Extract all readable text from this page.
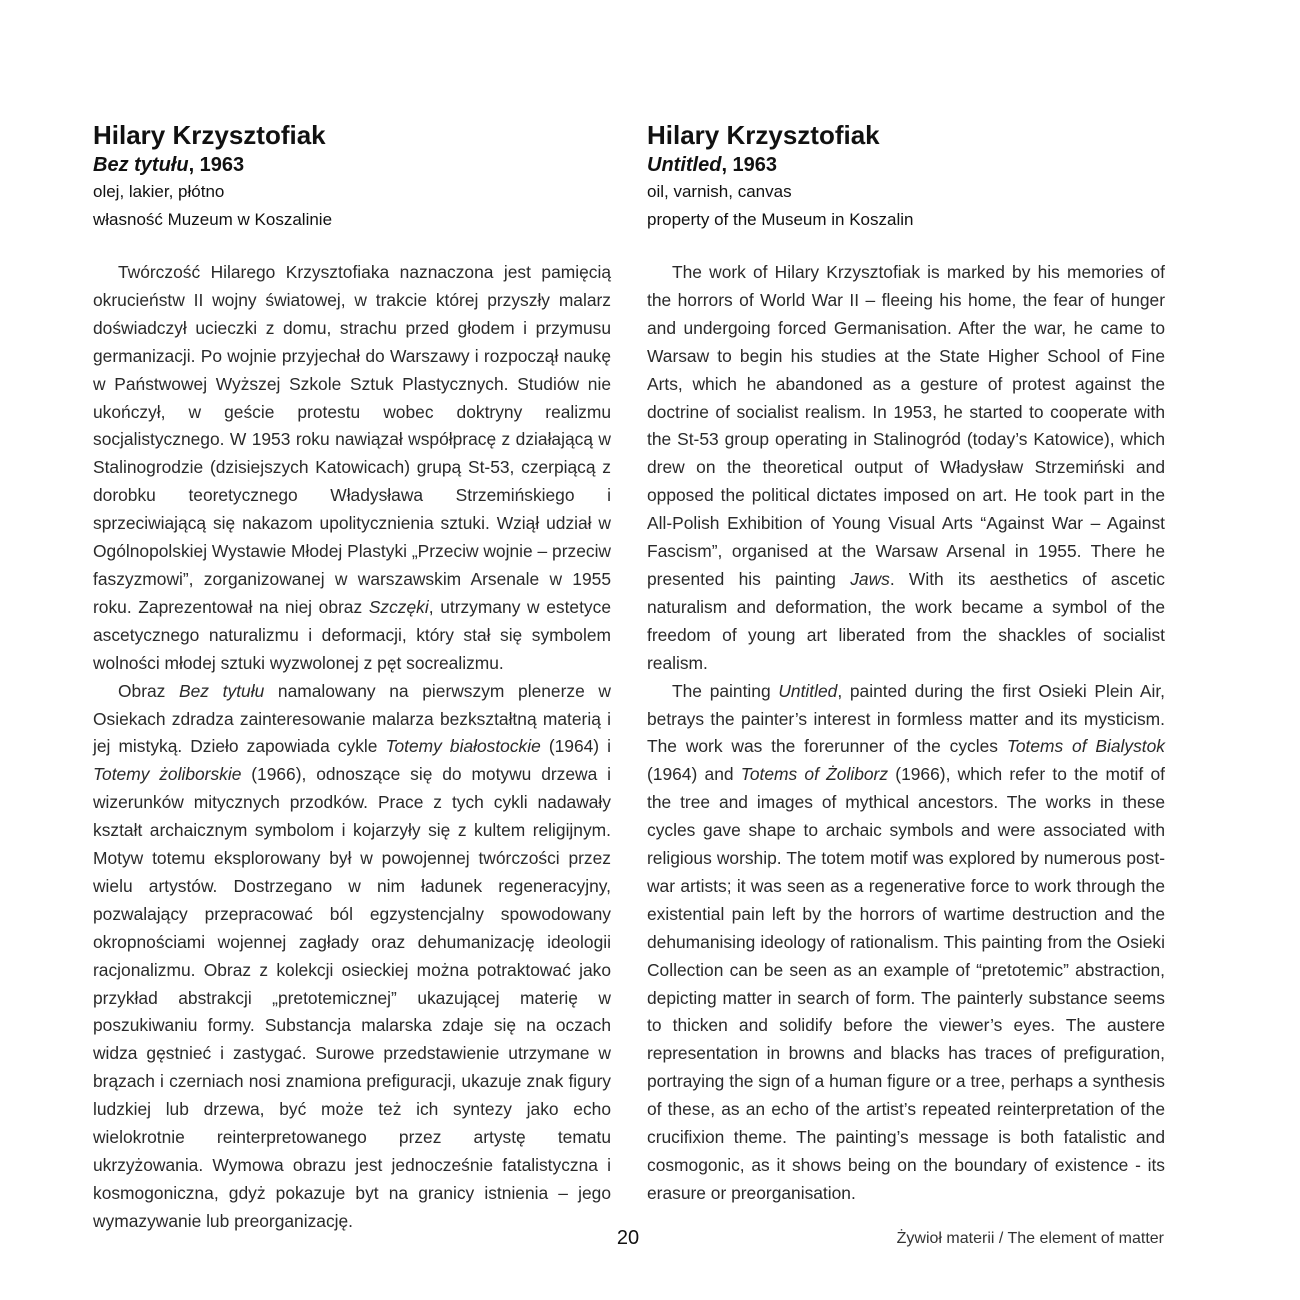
Hilary Krzysztofiak

Bez tytułu, 1963

olej, lakier, płótno

własność Muzeum w Koszalinie

Twórczość Hilarego Krzysztofiaka naznaczona jest pamięcią okrucieństw II wojny światowej, w trakcie której przyszły malarz doświadczył ucieczki z domu, strachu przed głodem i przymusu germanizacji. Po wojnie przyjechał do Warszawy i rozpoczął naukę w Państwowej Wyższej Szkole Sztuk Plastycznych. Studiów nie ukończył, w geście protestu wobec doktryny realizmu socjalistycznego. W 1953 roku nawiązał współpracę z działającą w Stalinogrodzie (dzisiejszych Katowicach) grupą St-53, czerpiącą z dorobku teoretycznego Władysława Strzemińskiego i sprzeciwiającą się nakazom upolitycznienia sztuki. Wziął udział w Ogólnopolskiej Wystawie Młodej Plastyki „Przeciw wojnie – przeciw faszyzmowi”, zorganizowanej w warszawskim Arsenale w 1955 roku. Zaprezentował na niej obraz Szczęki, utrzymany w estetyce ascetycznego naturalizmu i deformacji, który stał się symbolem wolności młodej sztuki wyzwolonej z pęt socrealizmu.

Obraz Bez tytułu namalowany na pierwszym plenerze w Osiekach zdradza zainteresowanie malarza bezkształtną materią i jej mistyką. Dzieło zapowiada cykle Totemy białostockie (1964) i Totemy żoliborskie (1966), odnoszące się do motywu drzewa i wizerunków mitycznych przodków. Prace z tych cykli nadawały kształt archaicznym symbolom i kojarzyły się z kultem religijnym. Motyw totemu eksplorowany był w powojennej twórczości przez wielu artystów. Dostrzegano w nim ładunek regeneracyjny, pozwalający przepracować ból egzystencjalny spowodowany okropnościami wojennej zagłady oraz dehumanizację ideologii racjonalizmu. Obraz z kolekcji osieckiej można potraktować jako przykład abstrakcji „pretotemicznej” ukazującej materię w poszukiwaniu formy. Substancja malarska zdaje się na oczach widza gęstnieć i zastygać. Surowe przedstawienie utrzymane w brązach i czerniach nosi znamiona prefiguracji, ukazuje znak figury ludzkiej lub drzewa, być może też ich syntezy jako echo wielokrotnie reinterpretowanego przez artystę tematu ukrzyżowania. Wymowa obrazu jest jednocześnie fatalistyczna i kosmogoniczna, gdyż pokazuje byt na granicy istnienia – jego wymazywanie lub preorganizację.

Hilary Krzysztofiak

Untitled, 1963

oil, varnish, canvas

property of the Museum in Koszalin

The work of Hilary Krzysztofiak is marked by his memories of the horrors of World War II – fleeing his home, the fear of hunger and undergoing forced Germanisation. After the war, he came to Warsaw to begin his studies at the State Higher School of Fine Arts, which he abandoned as a gesture of protest against the doctrine of socialist realism. In 1953, he started to cooperate with the St-53 group operating in Stalinogród (today’s Katowice), which drew on the theoretical output of Władysław Strzemiński and opposed the political dictates imposed on art. He took part in the All-Polish Exhibition of Young Visual Arts “Against War – Against Fascism”, organised at the Warsaw Arsenal in 1955. There he presented his painting Jaws. With its aesthetics of ascetic naturalism and deformation, the work became a symbol of the freedom of young art liberated from the shackles of socialist realism.

The painting Untitled, painted during the first Osieki Plein Air, betrays the painter’s interest in formless matter and its mysticism. The work was the forerunner of the cycles Totems of Bialystok (1964) and Totems of Żoliborz (1966), which refer to the motif of the tree and images of mythical ancestors. The works in these cycles gave shape to archaic symbols and were associated with religious worship. The totem motif was explored by numerous post-war artists; it was seen as a regenerative force to work through the existential pain left by the horrors of wartime destruction and the dehumanising ideology of rationalism. This painting from the Osieki Collection can be seen as an example of “pretotemic” abstraction, depicting matter in search of form. The painterly substance seems to thicken and solidify before the viewer’s eyes. The austere representation in browns and blacks has traces of prefiguration, portraying the sign of a human figure or a tree, perhaps a synthesis of these, as an echo of the artist’s repeated reinterpretation of the crucifixion theme. The painting’s message is both fatalistic and cosmogonic, as it shows being on the boundary of existence - its erasure or preorganisation.

20	Żywioł materii / The element of matter
